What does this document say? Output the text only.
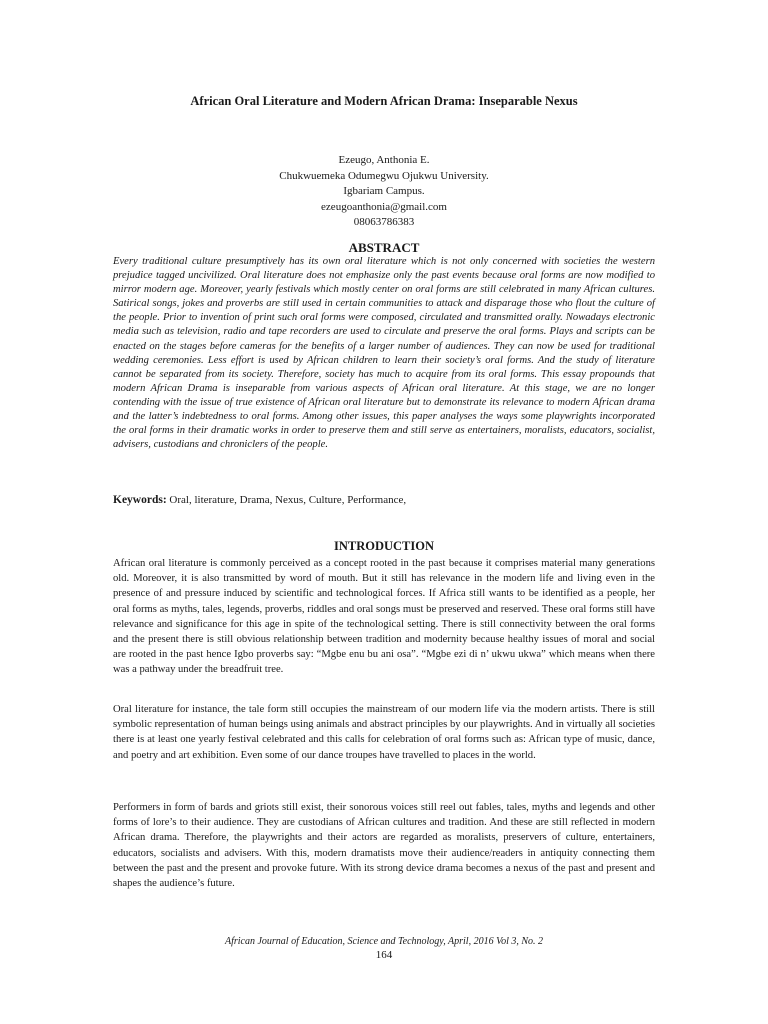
African Oral Literature and Modern African Drama: Inseparable Nexus
Ezeugo, Anthonia E.
Chukwuemeka Odumegwu Ojukwu University.
Igbariam Campus.
ezeugoanthonia@gmail.com
08063786383
ABSTRACT
Every traditional culture presumptively has its own oral literature which is not only concerned with societies the western prejudice tagged uncivilized. Oral literature does not emphasize only the past events because oral forms are now modified to mirror modern age. Moreover, yearly festivals which mostly center on oral forms are still celebrated in many African cultures. Satirical songs, jokes and proverbs are still used in certain communities to attack and disparage those who flout the culture of the people. Prior to invention of print such oral forms were composed, circulated and transmitted orally. Nowadays electronic media such as television, radio and tape recorders are used to circulate and preserve the oral forms. Plays and scripts can be enacted on the stages before cameras for the benefits of a larger number of audiences. They can now be used for traditional wedding ceremonies. Less effort is used by African children to learn their society’s oral forms. And the study of literature cannot be separated from its society. Therefore, society has much to acquire from its oral forms. This essay propounds that modern African Drama is inseparable from various aspects of African oral literature. At this stage, we are no longer contending with the issue of true existence of African oral literature but to demonstrate its relevance to modern African drama and the latter’s indebtedness to oral forms. Among other issues, this paper analyses the ways some playwrights incorporated the oral forms in their dramatic works in order to preserve them and still serve as entertainers, moralists, educators, socialist, advisers, custodians and chroniclers of the people.
Keywords: Oral, literature, Drama, Nexus, Culture, Performance,
INTRODUCTION
African oral literature is commonly perceived as a concept rooted in the past because it comprises material many generations old. Moreover, it is also transmitted by word of mouth. But it still has relevance in the modern life and living even in the presence of and pressure induced by scientific and technological forces. If Africa still wants to be identified as a people, her oral forms as myths, tales, legends, proverbs, riddles and oral songs must be preserved and reserved. These oral forms still have relevance and significance for this age in spite of the technological setting. There is still connectivity between the oral forms and the present there is still obvious relationship between tradition and modernity because healthy issues of moral and social are rooted in the past hence Igbo proverbs say: “Mgbe enu bu ani osa”. “Mgbe ezi di n’ ukwu ukwa” which means when there was a pathway under the breadfruit tree.
Oral literature for instance, the tale form still occupies the mainstream of our modern life via the modern artists. There is still symbolic representation of human beings using animals and abstract principles by our playwrights. And in virtually all societies there is at least one yearly festival celebrated and this calls for celebration of oral forms such as: African type of music, dance, and poetry and art exhibition. Even some of our dance troupes have travelled to places in the world.
Performers in form of bards and griots still exist, their sonorous voices still reel out fables, tales, myths and legends and other forms of lore’s to their audience. They are custodians of African cultures and tradition. And these are still reflected in modern African drama. Therefore, the playwrights and their actors are regarded as moralists, preservers of culture, entertainers, educators, socialists and advisers. With this, modern dramatists move their audience/readers in antiquity connecting them between the past and the present and provoke future. With its strong device drama becomes a nexus of the past and present and shapes the audience’s future.
African Journal of Education, Science and Technology, April, 2016 Vol 3, No. 2
164
